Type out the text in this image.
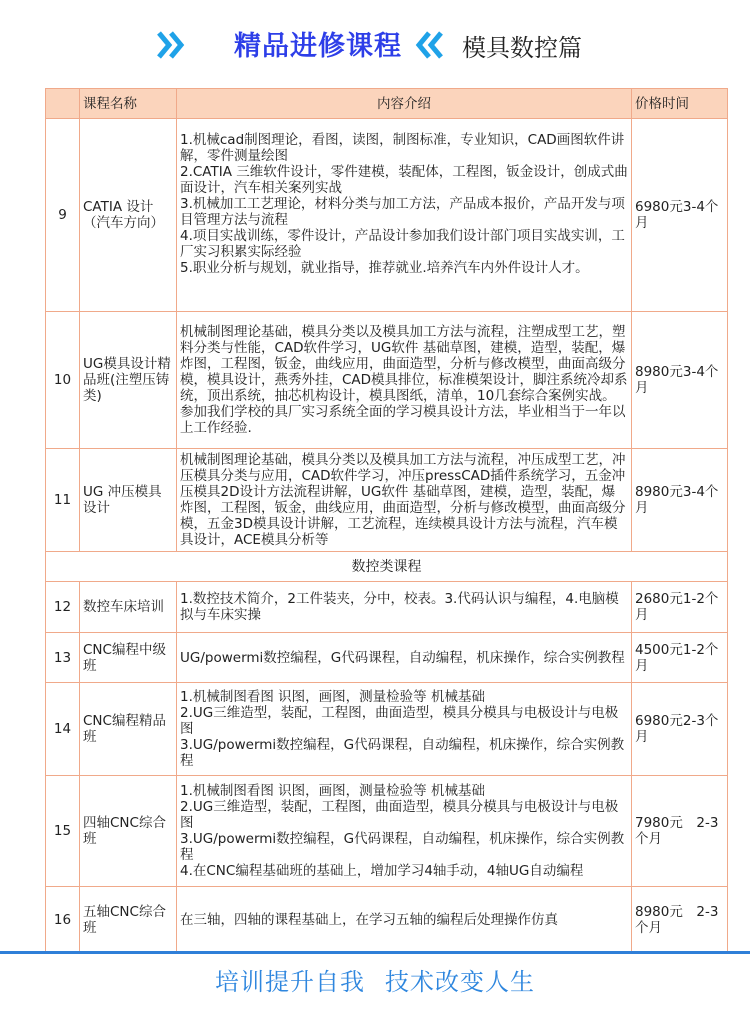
精品进修课程	模具数控篇
	课程名称	内容介绍	价格时间
9	CATIA 设计（汽车方向）	1.机械cad制图理论，看图，读图，制图标准，专业知识，CAD画图软件讲解，零件测量绘图
2.CATIA 三维软件设计，零件建模，装配体，工程图，钣金设计，创成式曲面设计，汽车相关案列实战
3.机械加工工艺理论，材料分类与加工方法，产品成本报价，产品开发与项目管理方法与流程
4.项目实战训练，零件设计，产品设计参加我们设计部门项目实战实训，工厂实习积累实际经验
5.职业分析与规划，就业指导，推荐就业.培养汽车内外件设计人才。	6980元3-4个月
10	UG模具设计精品班(注塑压铸类)	机械制图理论基础，模具分类以及模具加工方法与流程，注塑成型工艺，塑料分类与性能，CAD软件学习，UG软件 基础草图，建模，造型，装配，爆炸图，工程图，钣金，曲线应用，曲面造型，分析与修改模型，曲面高级分模，模具设计，燕秀外挂，CAD模具排位，标准模架设计，脚注系统冷却系统，顶出系统，抽芯机构设计，模具图纸，清单，10几套综合案例实战。参加我们学校的具厂实习系统全面的学习模具设计方法，毕业相当于一年以上工作经验.	8980元3-4个月
11	UG 冲压模具设计	机械制图理论基础，模具分类以及模具加工方法与流程，冲压成型工艺，冲压模具分类与应用，CAD软件学习，冲压pressCAD插件系统学习，五金冲压模具2D设计方法流程讲解，UG软件 基础草图，建模，造型，装配，爆炸图，工程图，钣金，曲线应用，曲面造型，分析与修改模型，曲面高级分模，五金3D模具设计讲解，工艺流程，连续模具设计方法与流程，汽车模具设计，ACE模具分析等	8980元3-4个月
数控类课程			
12	数控车床培训	1.数控技术简介，2工件装夹，分中，校表。3.代码认识与编程，4.电脑模拟与车床实操	2680元1-2个月
13	CNC编程中级班	UG/powermi数控编程，G代码课程，自动编程，机床操作，综合实例教程	4500元1-2个月
14	CNC编程精品班	1.机械制图看图 识图，画图，测量检验等 机械基础
2.UG三维造型，装配，工程图，曲面造型，模具分模具与电极设计与电极图
3.UG/powermi数控编程，G代码课程，自动编程，机床操作，综合实例教程	6980元2-3个月
15	四轴CNC综合班	1.机械制图看图 识图，画图，测量检验等 机械基础
2.UG三维造型，装配，工程图，曲面造型，模具分模具与电极设计与电极图
3.UG/powermi数控编程，G代码课程，自动编程，机床操作，综合实例教程
4.在CNC编程基础班的基础上，增加学习4轴手动，4轴UG自动编程	7980元　2-3个月
16	五轴CNC综合班	在三轴，四轴的课程基础上，在学习五轴的编程后处理操作仿真	8980元　2-3个月
培训提升自我 技术改变人生
